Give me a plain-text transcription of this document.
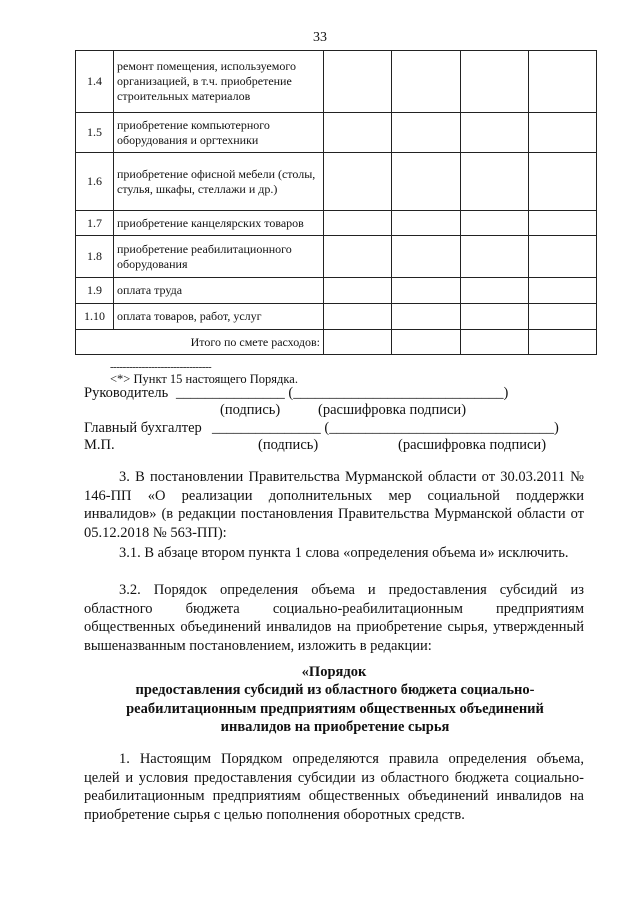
33
1.4	ремонт помещения, используемого организацией, в т.ч. приобретение строительных материалов				
1.5	приобретение компьютерного оборудования и оргтехники				
1.6	приобретение офисной мебели (столы, стулья, шкафы, стеллажи и др.)				
1.7	приобретение канцелярских товаров				
1.8	приобретение реабилитационного оборудования				
1.9	оплата труда				
1.10	оплата товаров, работ, услуг				
Итого по смете расходов:					
--------------------------------
<*> Пункт 15 настоящего Порядка.
Руководитель _______________ (_____________________________)
(подпись)	(расшифровка подписи)
Главный бухгалтер _______________ (_______________________________)
М.П.	(подпись)	(расшифровка подписи)
3. В постановлении Правительства Мурманской области от 30.03.2011 № 146-ПП «О реализации дополнительных мер социальной поддержки инвалидов» (в редакции постановления Правительства Мурманской области от 05.12.2018 № 563-ПП):
3.1. В абзаце втором пункта 1 слова «определения объема и» исключить.
3.2. Порядок определения объема и предоставления субсидий из областного бюджета социально-реабилитационным предприятиям общественных объединений инвалидов на приобретение сырья, утвержденный вышеназванным постановлением, изложить в редакции:
«Порядок
предоставления субсидий из областного бюджета социально-реабилитационным предприятиям общественных объединений инвалидов на приобретение сырья
1. Настоящим Порядком определяются правила определения объема, целей и условия предоставления субсидии из областного бюджета социально-реабилитационным предприятиям общественных объединений инвалидов на приобретение сырья с целью пополнения оборотных средств.
